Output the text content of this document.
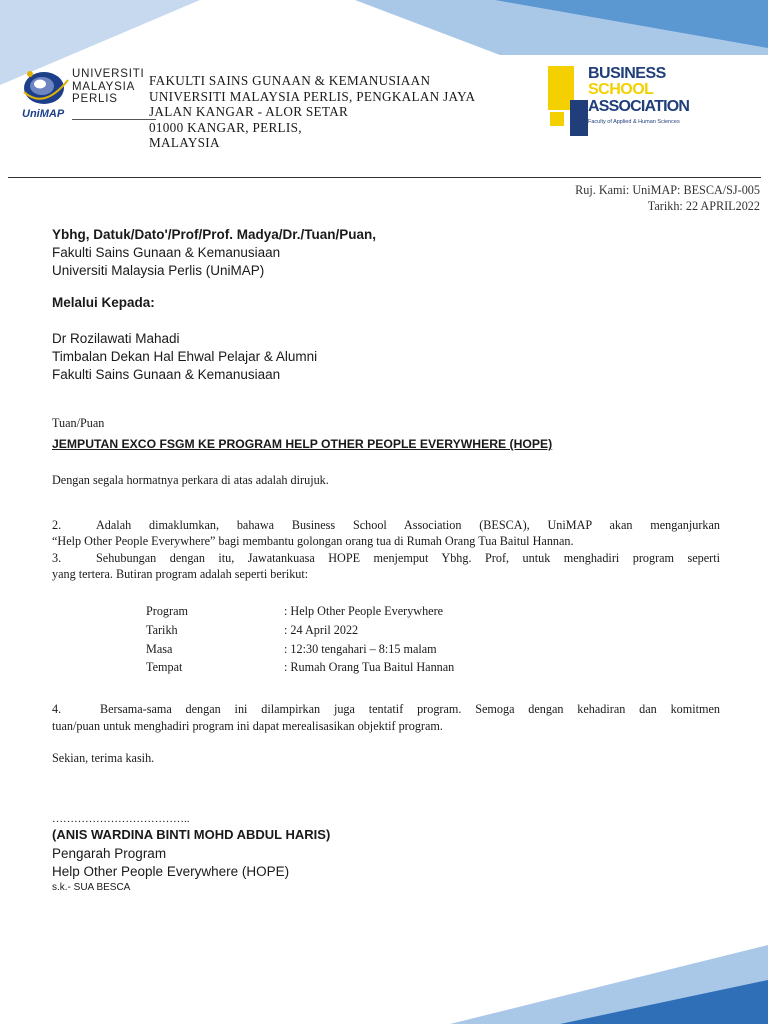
UNIVERSITI
MALAYSIA
PERLIS
UniMAP
FAKULTI SAINS GUNAAN & KEMANUSIAAN
UNIVERSITI MALAYSIA PERLIS, PENGKALAN JAYA
JALAN KANGAR - ALOR SETAR
01000 KANGAR, PERLIS,
MALAYSIA
BUSINESS
SCHOOL
ASSOCIATION
Faculty of Applied & Human Sciences
Ruj. Kami: UniMAP: BESCA/SJ-005
Tarikh: 22 APRIL2022
Ybhg, Datuk/Dato'/Prof/Prof. Madya/Dr./Tuan/Puan,
Fakulti Sains Gunaan & Kemanusiaan
Universiti Malaysia Perlis (UniMAP)
Melalui Kepada:
Dr Rozilawati Mahadi
Timbalan Dekan Hal Ehwal Pelajar & Alumni
Fakulti Sains Gunaan & Kemanusiaan
Tuan/Puan
JEMPUTAN EXCO FSGM KE PROGRAM HELP OTHER PEOPLE EVERYWHERE (HOPE)
Dengan segala hormatnya perkara di atas adalah dirujuk.
2.	Adalah dimaklumkan, bahawa Business School Association (BESCA), UniMAP akan menganjurkan
“Help Other People Everywhere” bagi membantu golongan orang tua di Rumah Orang Tua Baitul Hannan.
3.	Sehubungan dengan itu, Jawatankuasa HOPE menjemput Ybhg. Prof, untuk menghadiri program seperti
yang tertera. Butiran program adalah seperti berikut:
Program	: Help Other People Everywhere
Tarikh	: 24 April 2022
Masa	: 12:30 tengahari – 8:15 malam
Tempat	: Rumah Orang Tua Baitul Hannan
4.	Bersama-sama dengan ini dilampirkan juga tentatif program. Semoga dengan kehadiran dan komitmen
tuan/puan untuk menghadiri program ini dapat merealisasikan objektif program.
Sekian, terima kasih.
………………………………..
(ANIS WARDINA BINTI MOHD ABDUL HARIS)
Pengarah Program
Help Other People Everywhere (HOPE)
s.k.- SUA BESCA
